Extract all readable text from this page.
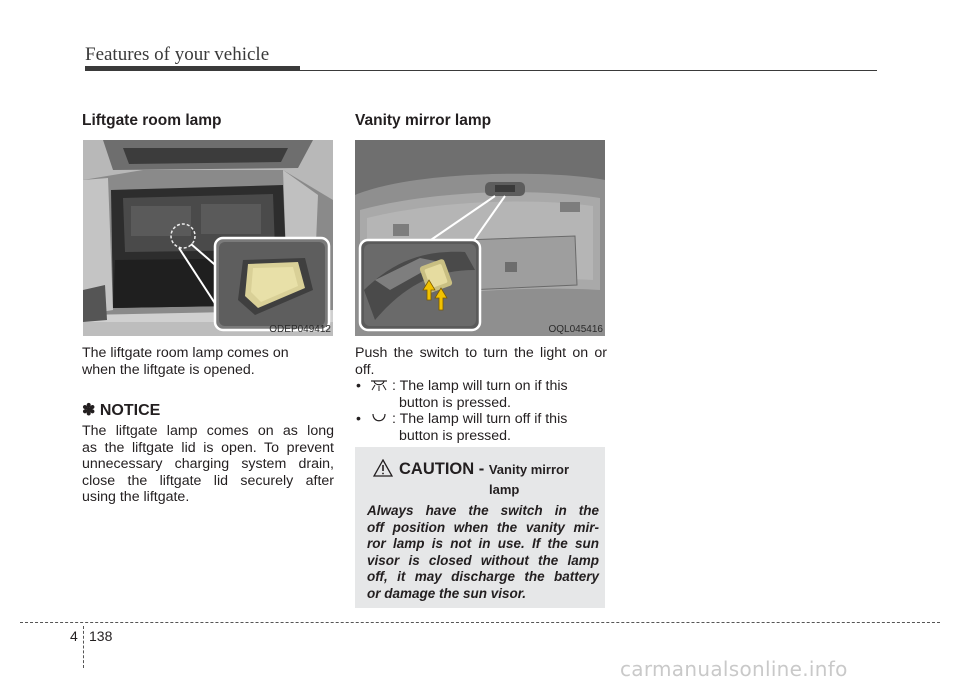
Features of your vehicle
Liftgate room lamp
ODEP049412
The liftgate room lamp comes on
when the liftgate is opened.
✽ NOTICE
The liftgate lamp comes on as long
as the liftgate lid is open. To prevent
unnecessary charging system drain,
close the liftgate lid securely after
using the liftgate.
Vanity mirror lamp
OQL045416
Push the switch to turn the light on or
off.
• : The lamp will turn on if this
button is pressed.
• : The lamp will turn off if this
button is pressed.
CAUTION - Vanity mirror
lamp
Always have the switch in the
off position when the vanity mir-
ror lamp is not in use. If the sun
visor is closed without the lamp
off, it may discharge the battery
or damage the sun visor.
4 138
carmanualsonline.info
